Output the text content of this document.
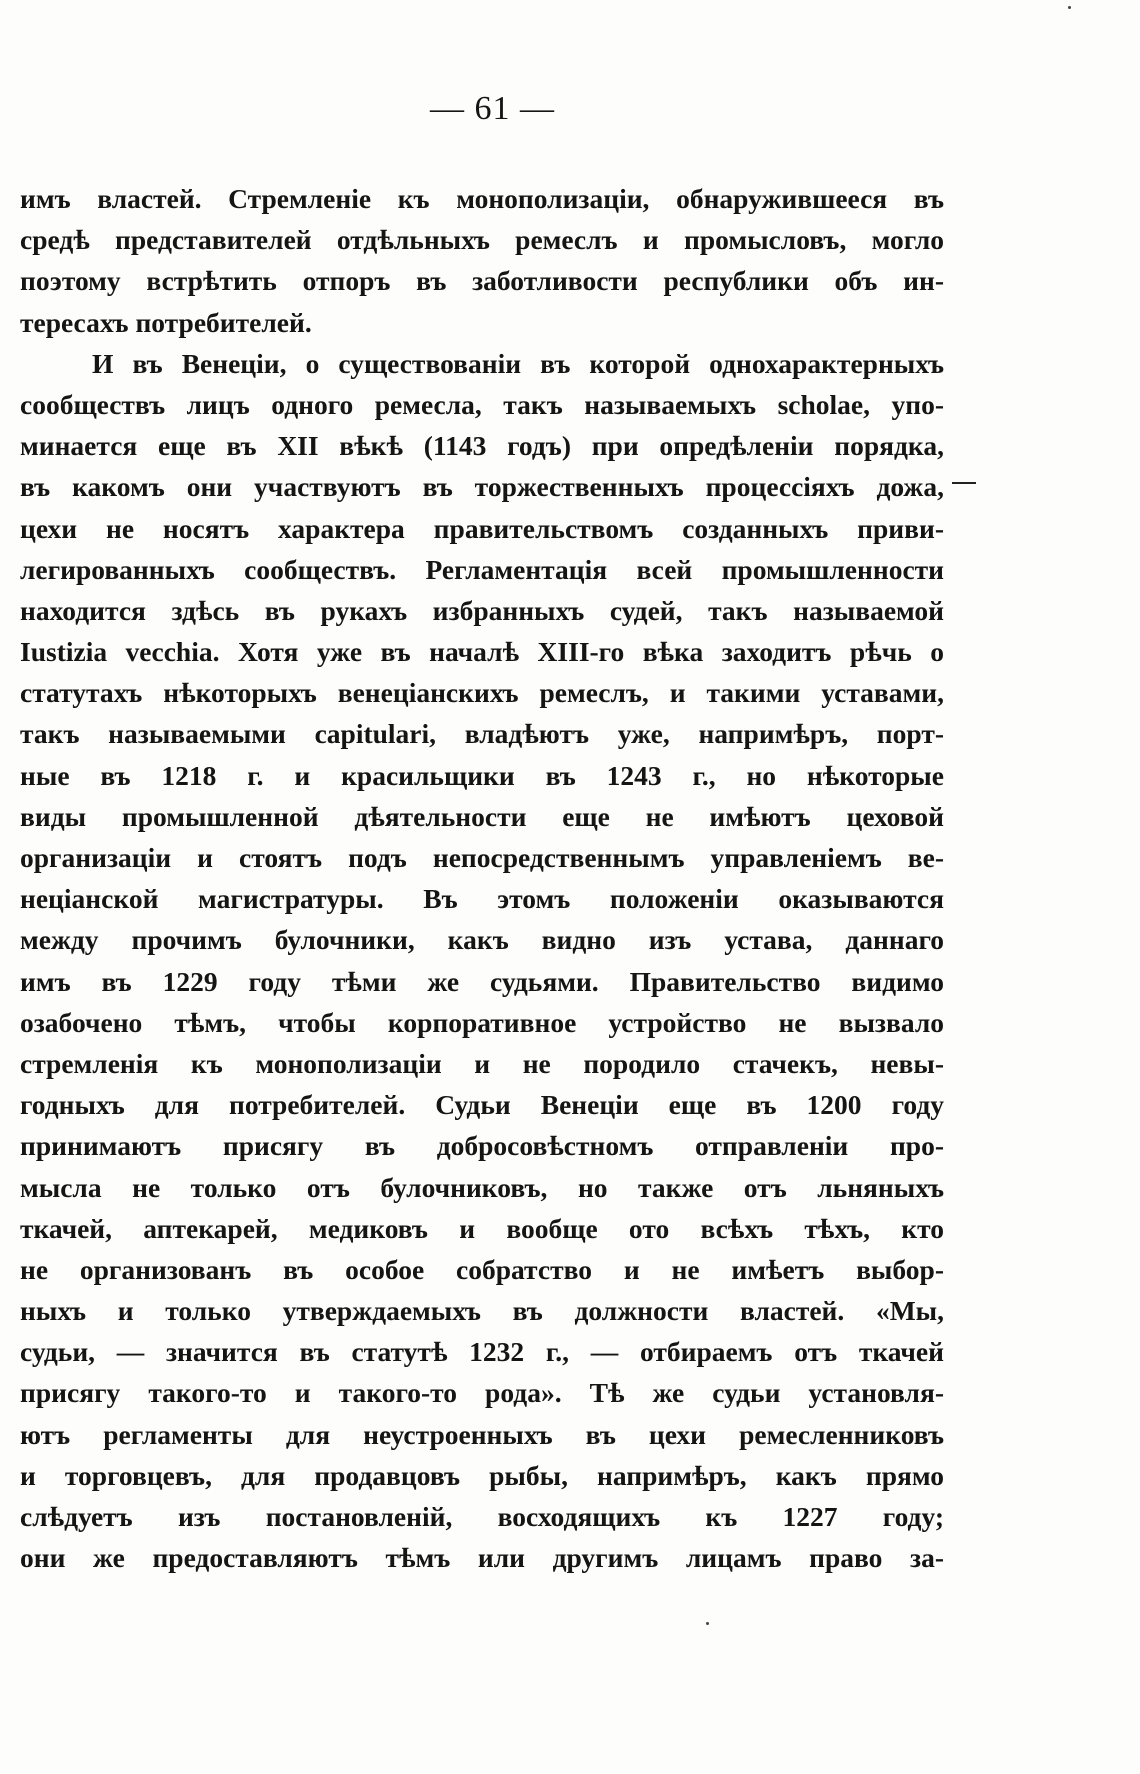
— 61 —
имъ властей. Стремленіе къ монополизаціи, обнаружившееся въ
средѣ представителей отдѣльныхъ ремеслъ и промысловъ, могло
поэтому встрѣтить отпоръ въ заботливости республики объ ин-
тересахъ потребителей.
И въ Венеціи, о существованіи въ которой однохарактерныхъ
сообществъ лицъ одного ремесла, такъ называемыхъ scholae, упо-
минается еще въ XII вѣкѣ (1143 годъ) при опредѣленіи порядка,
въ какомъ они участвуютъ въ торжественныхъ процессіяхъ дожа,
цехи не носятъ характера правительствомъ созданныхъ приви-
легированныхъ сообществъ. Регламентація всей промышленности
находится здѣсь въ рукахъ избранныхъ судей, такъ называемой
Iustizia vecchia. Хотя уже въ началѣ XIII-го вѣка заходитъ рѣчь о
статутахъ нѣкоторыхъ венеціанскихъ ремеслъ, и такими уставами,
такъ называемыми capitulari, владѣютъ уже, напримѣръ, порт-
ные въ 1218 г. и красильщики въ 1243 г., но нѣкоторые
виды промышленной дѣятельности еще не имѣютъ цеховой
организаціи и стоятъ подъ непосредственнымъ управленіемъ ве-
неціанской магистратуры. Въ этомъ положеніи оказываются
между прочимъ булочники, какъ видно изъ устава, даннаго
имъ въ 1229 году тѣми же судьями. Правительство видимо
озабочено тѣмъ, чтобы корпоративное устройство не вызвало
стремленія къ монополизаціи и не породило стачекъ, невы-
годныхъ для потребителей. Судьи Венеціи еще въ 1200 году
принимаютъ присягу въ добросовѣстномъ отправленіи про-
мысла не только отъ булочниковъ, но также отъ льняныхъ
ткачей, аптекарей, медиковъ и вообще ото всѣхъ тѣхъ, кто
не организованъ въ особое собратство и не имѣетъ выбор-
ныхъ и только утверждаемыхъ въ должности властей. «Мы,
судьи, — значится въ статутѣ 1232 г., — отбираемъ отъ ткачей
присягу такого-то и такого-то рода». Тѣ же судьи установля-
ютъ регламенты для неустроенныхъ въ цехи ремесленниковъ
и торговцевъ, для продавцовъ рыбы, напримѣръ, какъ прямо
слѣдуетъ изъ постановленій, восходящихъ къ 1227 году;
они же предоставляютъ тѣмъ или другимъ лицамъ право за-
